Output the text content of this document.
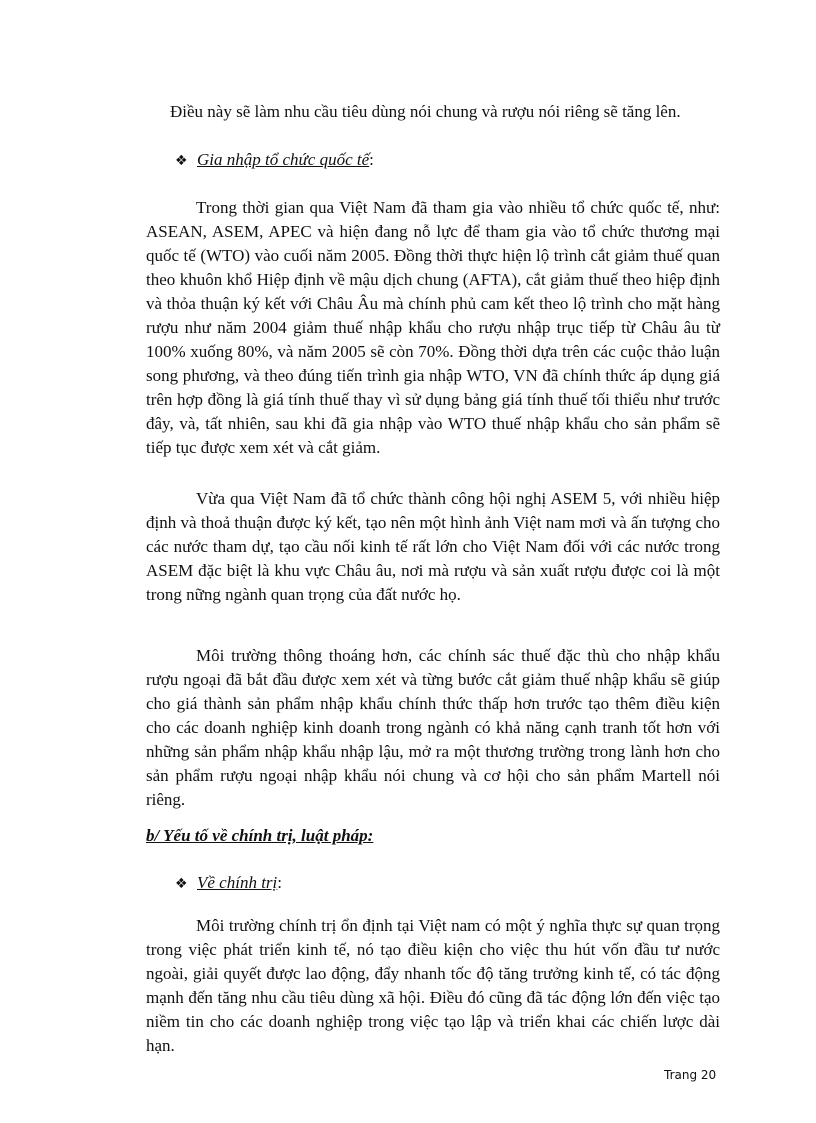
Điều này sẽ làm nhu cầu tiêu dùng nói chung và rượu nói riêng sẽ tăng lên.

❖ Gia nhập tổ chức quốc tế:

Trong thời gian qua Việt Nam đã tham gia vào nhiều tổ chức quốc tế, như: ASEAN, ASEM, APEC và hiện đang nỗ lực để tham gia vào tổ chức thương mại quốc tế (WTO) vào cuối năm 2005. Đồng thời thực hiện lộ trình cắt giảm thuế quan theo khuôn khổ Hiệp định về mậu dịch chung (AFTA), cắt giảm thuế theo hiệp định và thỏa thuận ký kết với Châu Âu mà chính phủ cam kết theo lộ trình cho mặt hàng rượu như năm 2004 giảm thuế nhập khẩu cho rượu nhập trục tiếp từ Châu âu từ 100% xuống 80%, và năm 2005 sẽ còn 70%. Đồng thời dựa trên các cuộc thảo luận song phương, và theo đúng tiến trình gia nhập WTO, VN đã chính thức áp dụng giá trên hợp đồng là giá tính thuế thay vì sử dụng bảng giá tính thuế tối thiểu như trước đây, và, tất nhiên, sau khi đã gia nhập vào WTO thuế nhập khẩu cho sản phẩm sẽ tiếp tục được xem xét và cắt giảm.

Vừa qua Việt Nam đã tổ chức thành công hội nghị ASEM 5, với nhiều hiệp định và thoả thuận được ký kết, tạo nên một hình ảnh Việt nam mơi và ấn tượng cho các nước tham dự, tạo cầu nối kinh tế rất lớn cho Việt Nam đối với các nước trong ASEM đặc biệt là khu vực Châu âu, nơi mà rượu và sản xuất rượu được coi là một trong nững ngành quan trọng của đất nước họ.

Môi trường thông thoáng hơn, các chính sác thuế đặc thù cho nhập khẩu rượu ngoại đã bắt đầu được xem xét và từng bước cắt giảm thuế nhập khẩu sẽ giúp cho giá thành sản phẩm nhập khẩu chính thức thấp hơn trước tạo thêm điều kiện cho các doanh nghiệp kinh doanh trong ngành có khả năng cạnh tranh tốt hơn với những sản phẩm nhập khẩu nhập lậu, mở ra một thương trường trong lành hơn cho sản phẩm rượu ngoại nhập khẩu nói chung và cơ hội cho sản phẩm Martell nói riêng.

b/ Yếu tố về chính trị, luật pháp:
❖ Về chính trị:

Môi trường chính trị ổn định tại Việt nam có một ý nghĩa thực sự quan trọng trong việc phát triển kinh tế, nó tạo điều kiện cho việc thu hút vốn đầu tư nước ngoài, giải quyết được lao động, đẩy nhanh tốc độ tăng trưởng kinh tế, có tác động mạnh đến tăng nhu cầu tiêu dùng xã hội. Điều đó cũng đã tác động lớn đến việc tạo niềm tin cho các doanh nghiệp trong việc tạo lập và triển khai các chiến lược dài hạn.

Trang 20
